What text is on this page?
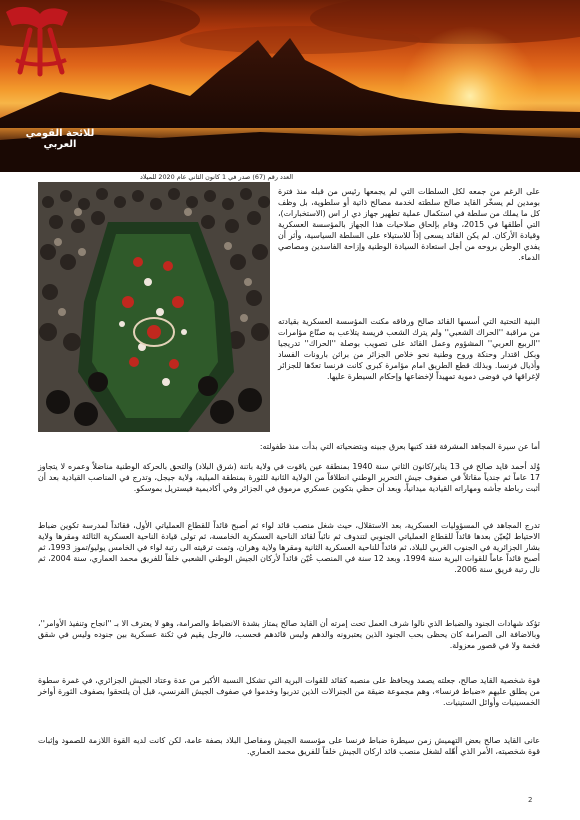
للائحة القومي العربي
العدد رقم (67) صدر في 1 كانون الثاني عام 2020 للميلاد
على الرغم من جمعه لكل السلطات التي لم يجمعها رئيس من قبله منذ فترة بومدين لم يسخّر القايد صالح سلطته لخدمة مصالح ذاتية أو سلطوية، بل وظف كل ما يملك من سلطة في استكمال عملية تطهير جهاز دي ار اس (الاستخبارات)، التي أطلقها في 2015، وقام بإلحاق صلاحيات هذا الجهاز بالمؤسسة العسكرية وقيادة الأركان. لم يكن القائد يسعى إذاً للاستيلاء على السلطة السياسية، وأثر أن يفدي الوطن بروحه من أجل استعادة السيادة الوطنية وإزاحة الفاسدين ومصاصي الدماء.
البنية التحتية التي أسسها القائد صالح ورفاقه مكنت المؤسسة العسكرية بقيادته من مراقبة ''الحراك الشعبي'' ولم يترك الشعب فريسة يتلاعب به صنّاع مؤامرات ''الربيع العربي'' المشؤوم وعمل القائد على تصويب بوصلة ''الحراك'' تدريجيا وبكل اقتدار وحنكة وروح وطنية نحو خلاص الجزائر من براثن بارونات الفساد وأذيال فرنسا. وبذلك قطع الطريق امام مؤامرة كبرى كانت فرنسا تعدّها للجزائر لإغراقها في فوضى دموية تمهيداً لإخضاعها وإحكام السيطرة عليها.
أما عن سيرة المجاهد المشرفة فقد كتبها بعرق جبينه وبتضحياته التي بدأت منذ طفولته:
وُلد أحمد قايد صالح في 13 يناير/كانون الثاني سنة 1940 بمنطقة عين ياقوت في ولاية باتنة (شرق البلاد) والتحق بالحركة الوطنية مناضلاً وعمره لا يتجاوز 17 عاماً ثم جندياً مقاتلاً في صفوف جيش التحرير الوطني انطلاقاً من الولاية الثانية للثورة بمنطقة الميلية، ولاية جيجل، وتدرج في المناصب القيادية بعد أن أثبت رباطة جأشه ومهاراته القيادية ميدانياً، وبعد أن حظي بتكوين عسكري مرموق في الجزائر وفي أكاديمية فيستريل بموسكو.
تدرج المجاهد في المسؤوليات العسكرية، بعد الاستقلال، حيث شغل منصب قائد لواء ثم أصبح قائداً للقطاع العملياتي الأول، فقائداً لمدرسة تكوين ضباط الاحتياط ليُعيّن بعدها قائداً للقطاع العملياتي الجنوبي لتندوف ثم نائباً لقائد الناحية العسكرية الخامسة، ثم تولى قيادة الناحية العسكرية الثالثة ومقرها ولاية بشار الجزائرية في الجنوب الغربي للبلاد، ثم قائداً للناحية العسكرية الثانية ومقرها ولاية وهران، وتمت ترقيته الى رتبة لواء في الخامس يوليو/تموز 1993، ثم أصبح قائداً عاماً للقوات البرية سنة 1994، وبعد 12 سنة في المنصب عُيّن قائداً لأركان الجيش الوطني الشعبي خلفاً للفريق محمد العماري، سنة 2004، ثم نال رتبة فريق سنة 2006.
تؤكد شهادات الجنود والضباط الذي نالوا شرف العمل تحت إمرته أن القايد صالح يمتاز بشدة الانضباط والصرامة، وهو لا يعترف الا بـ ''انجاح وتنفيذ الأوامر''، وبالاضافة الى الصرامة كان يحظى بحب الجنود الذين يعتبرونه والدهم وليس قائدهم فحسب، فالرجل يقيم في ثكنة عسكرية بين جنوده وليس في شقق فخمة ولا في قصور معزولة.
قوة شخصية القايد صالح، جعلته يصمد ويحافظ على منصبه كقائد للقوات البرية التي تشكل النسبة الأكبر من عدة وعتاد الجيش الجزائري، في غمرة سطوة من يطلق عليهم «ضباط فرنسا»، وهم مجموعة ضيقة من الجنرالات الذين تدربوا وخدموا في صفوف الجيش الفرنسي، قبل أن يلتحقوا بصفوف الثورة أواخر الخمسينيات وأوائل الستينيات.
عانى القايد صالح بعض التهميش زمن سيطرة ضباط فرنسا على مؤسسة الجيش ومفاصل البلاد بصفة عامة، لكن كانت لديه القوة اللازمة للصمود وإثبات قوة شخصيته، الأمر الذي أهّله لشغل منصب قائد اركان الجيش خلفاً للفريق محمد العماري.
2
